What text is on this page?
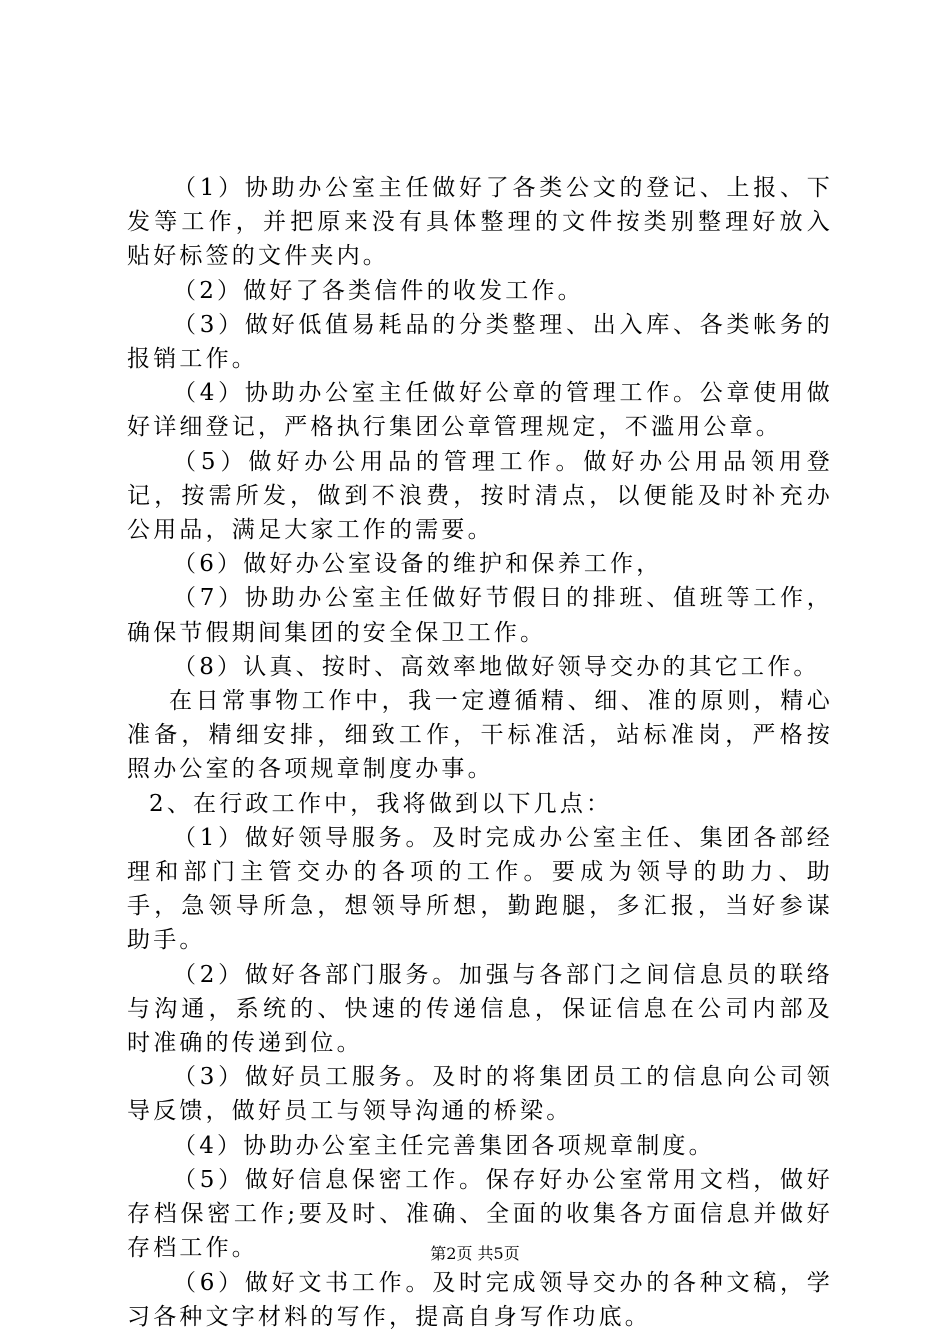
（1）协助办公室主任做好了各类公文的登记、上报、下发等工作，并把原来没有具体整理的文件按类别整理好放入贴好标签的文件夹内。

（2）做好了各类信件的收发工作。

（3）做好低值易耗品的分类整理、出入库、各类帐务的报销工作。

（4）协助办公室主任做好公章的管理工作。公章使用做好详细登记，严格执行集团公章管理规定，不滥用公章。

（5）做好办公用品的管理工作。做好办公用品领用登记，按需所发，做到不浪费，按时清点，以便能及时补充办公用品，满足大家工作的需要。

（6）做好办公室设备的维护和保养工作，

（7）协助办公室主任做好节假日的排班、值班等工作，确保节假期间集团的安全保卫工作。

（8）认真、按时、高效率地做好领导交办的其它工作。

在日常事物工作中，我一定遵循精、细、准的原则，精心准备，精细安排，细致工作，干标准活，站标准岗，严格按照办公室的各项规章制度办事。

2、在行政工作中，我将做到以下几点：

（1）做好领导服务。及时完成办公室主任、集团各部经理和部门主管交办的各项的工作。要成为领导的助力、助手，急领导所急，想领导所想，勤跑腿，多汇报，当好参谋助手。

（2）做好各部门服务。加强与各部门之间信息员的联络与沟通，系统的、快速的传递信息，保证信息在公司内部及时准确的传递到位。

（3）做好员工服务。及时的将集团员工的信息向公司领导反馈，做好员工与领导沟通的桥梁。

（4）协助办公室主任完善集团各项规章制度。

（5）做好信息保密工作。保存好办公室常用文档，做好存档保密工作;要及时、准确、全面的收集各方面信息并做好存档工作。

（6）做好文书工作。及时完成领导交办的各种文稿，学习各种文字材料的写作，提高自身写作功底。

第2页 共5页
